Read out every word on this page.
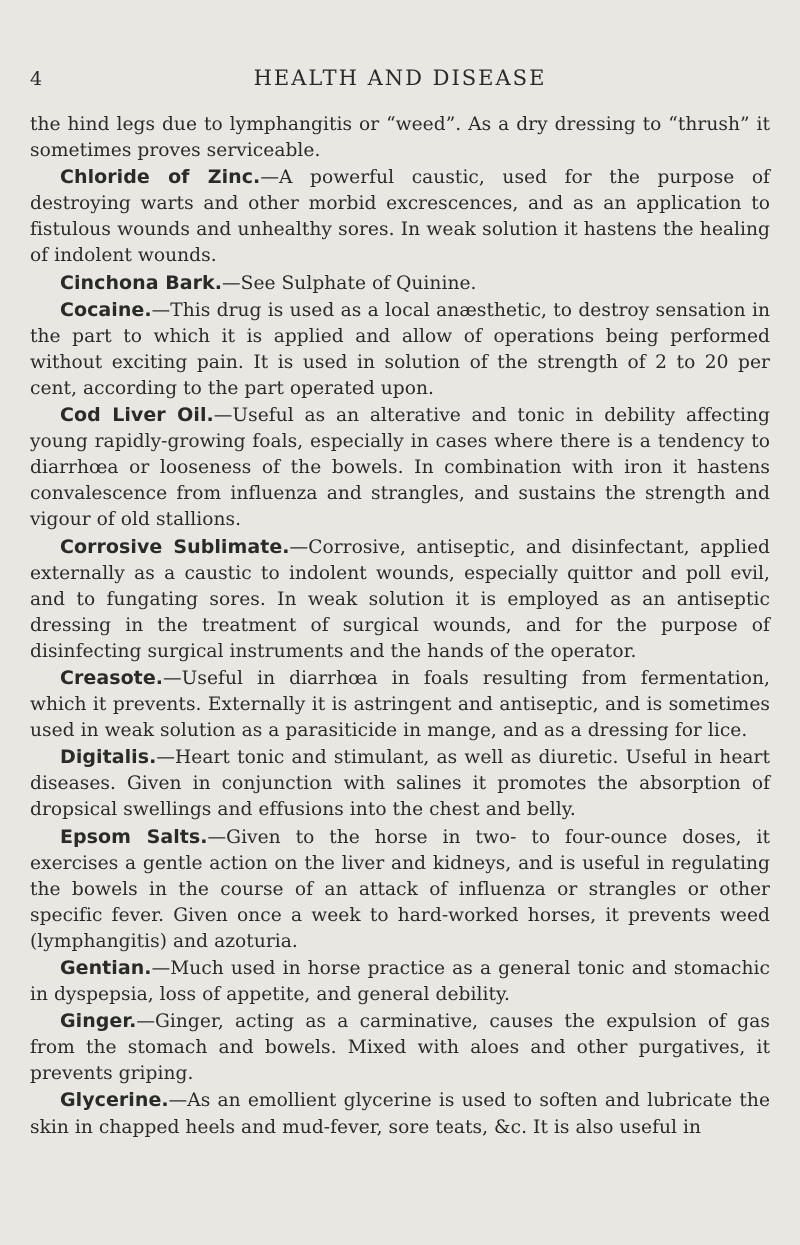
4	HEALTH AND DISEASE

the hind legs due to lymphangitis or “weed”. As a dry dressing to “thrush” it sometimes proves serviceable.

Chloride of Zinc.—A powerful caustic, used for the purpose of destroying warts and other morbid excrescences, and as an application to fistulous wounds and unhealthy sores. In weak solution it hastens the healing of indolent wounds.

Cinchona Bark.—See Sulphate of Quinine.

Cocaine.—This drug is used as a local anæsthetic, to destroy sensation in the part to which it is applied and allow of operations being performed without exciting pain. It is used in solution of the strength of 2 to 20 per cent, according to the part operated upon.

Cod Liver Oil.—Useful as an alterative and tonic in debility affecting young rapidly-growing foals, especially in cases where there is a tendency to diarrhœa or looseness of the bowels. In combination with iron it hastens convalescence from influenza and strangles, and sustains the strength and vigour of old stallions.

Corrosive Sublimate.—Corrosive, antiseptic, and disinfectant, applied externally as a caustic to indolent wounds, especially quittor and poll evil, and to fungating sores. In weak solution it is employed as an antiseptic dressing in the treatment of surgical wounds, and for the purpose of disinfecting surgical instruments and the hands of the operator.

Creasote.—Useful in diarrhœa in foals resulting from fermentation, which it prevents. Externally it is astringent and antiseptic, and is sometimes used in weak solution as a parasiticide in mange, and as a dressing for lice.

Digitalis.—Heart tonic and stimulant, as well as diuretic. Useful in heart diseases. Given in conjunction with salines it promotes the absorption of dropsical swellings and effusions into the chest and belly.

Epsom Salts.—Given to the horse in two- to four-ounce doses, it exercises a gentle action on the liver and kidneys, and is useful in regulating the bowels in the course of an attack of influenza or strangles or other specific fever. Given once a week to hard-worked horses, it prevents weed (lymphangitis) and azoturia.

Gentian.—Much used in horse practice as a general tonic and stomachic in dyspepsia, loss of appetite, and general debility.

Ginger.—Ginger, acting as a carminative, causes the expulsion of gas from the stomach and bowels. Mixed with aloes and other purgatives, it prevents griping.

Glycerine.—As an emollient glycerine is used to soften and lubricate the skin in chapped heels and mud-fever, sore teats, &c. It is also useful in
